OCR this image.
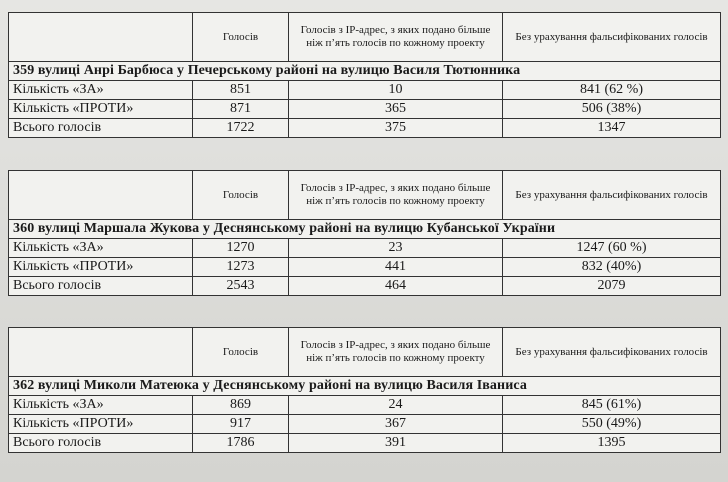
	Голосів	Голосів з IP-адрес, з яких подано більше ніж п’ять голосів по кожному проекту	Без урахування фальсифікованих голосів
359 вулиці Анрі Барбюса у Печерському районі на вулицю Василя Тютюнника			
Кількість «ЗА»	851	10	841 (62 %)
Кількість «ПРОТИ»	871	365	506 (38%)
Всього голосів	1722	375	1347
	Голосів	Голосів з IP-адрес, з яких подано більше ніж п’ять голосів по кожному проекту	Без урахування фальсифікованих голосів
360 вулиці Маршала Жукова у Деснянському районі на вулицю Кубанської України			
Кількість «ЗА»	1270	23	1247 (60 %)
Кількість «ПРОТИ»	1273	441	832 (40%)
Всього голосів	2543	464	2079
	Голосів	Голосів з IP-адрес, з яких подано більше ніж п’ять голосів по кожному проекту	Без урахування фальсифікованих голосів
362 вулиці Миколи Матеюка у Деснянському районі на вулицю Василя Іваниса			
Кількість «ЗА»	869	24	845 (61%)
Кількість «ПРОТИ»	917	367	550 (49%)
Всього голосів	1786	391	1395
